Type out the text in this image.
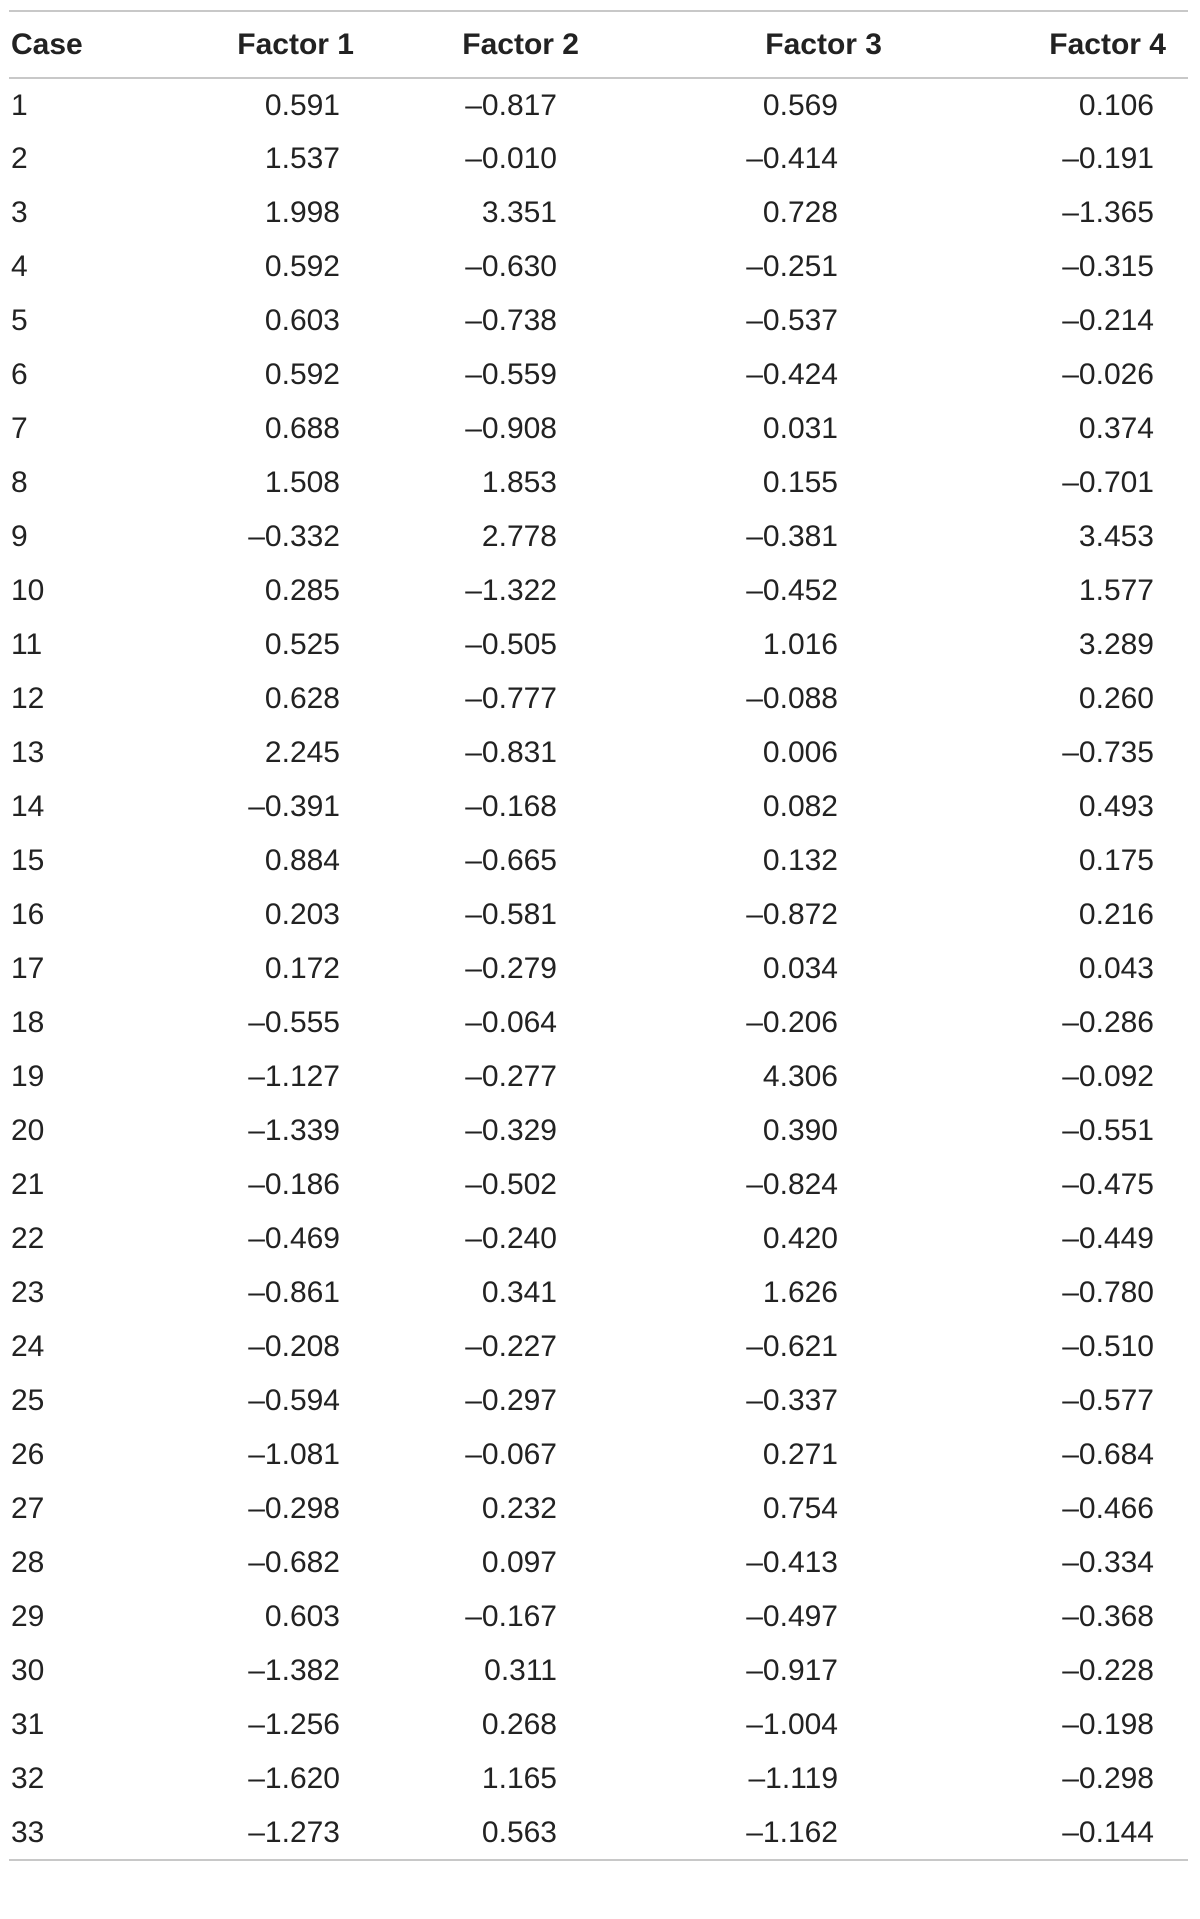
Case	Factor 1	Factor 2	Factor 3	Factor 4
1	0.591	–0.817	0.569	0.106
2	1.537	–0.010	–0.414	–0.191
3	1.998	3.351	0.728	–1.365
4	0.592	–0.630	–0.251	–0.315
5	0.603	–0.738	–0.537	–0.214
6	0.592	–0.559	–0.424	–0.026
7	0.688	–0.908	0.031	0.374
8	1.508	1.853	0.155	–0.701
9	–0.332	2.778	–0.381	3.453
10	0.285	–1.322	–0.452	1.577
11	0.525	–0.505	1.016	3.289
12	0.628	–0.777	–0.088	0.260
13	2.245	–0.831	0.006	–0.735
14	–0.391	–0.168	0.082	0.493
15	0.884	–0.665	0.132	0.175
16	0.203	–0.581	–0.872	0.216
17	0.172	–0.279	0.034	0.043
18	–0.555	–0.064	–0.206	–0.286
19	–1.127	–0.277	4.306	–0.092
20	–1.339	–0.329	0.390	–0.551
21	–0.186	–0.502	–0.824	–0.475
22	–0.469	–0.240	0.420	–0.449
23	–0.861	0.341	1.626	–0.780
24	–0.208	–0.227	–0.621	–0.510
25	–0.594	–0.297	–0.337	–0.577
26	–1.081	–0.067	0.271	–0.684
27	–0.298	0.232	0.754	–0.466
28	–0.682	0.097	–0.413	–0.334
29	0.603	–0.167	–0.497	–0.368
30	–1.382	0.311	–0.917	–0.228
31	–1.256	0.268	–1.004	–0.198
32	–1.620	1.165	–1.119	–0.298
33	–1.273	0.563	–1.162	–0.144
